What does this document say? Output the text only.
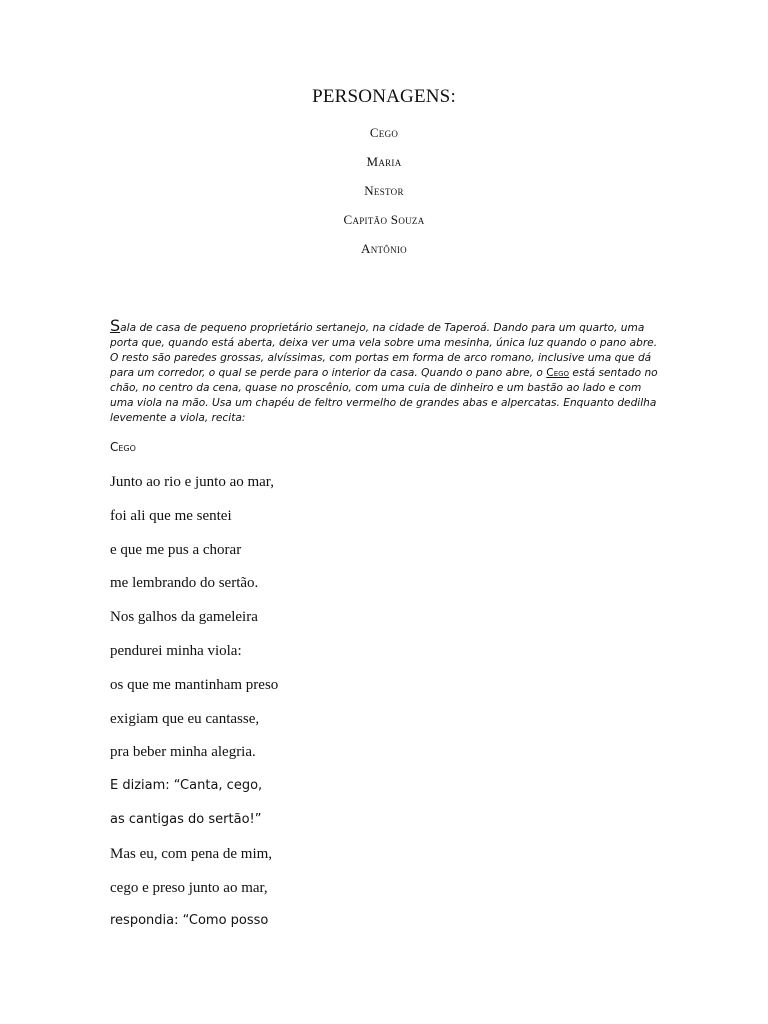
PERSONAGENS:
Cego
Maria
Nestor
Capitão Souza
Antônio

Sala de casa de pequeno proprietário sertanejo, na cidade de Taperoá. Dando para um quarto, uma porta que, quando está aberta, deixa ver uma vela sobre uma mesinha, única luz quando o pano abre. O resto são paredes grossas, alvíssimas, com portas em forma de arco romano, inclusive uma que dá para um corredor, o qual se perde para o interior da casa. Quando o pano abre, o Cego está sentado no chão, no centro da cena, quase no proscênio, com uma cuia de dinheiro e um bastão ao lado e com uma viola na mão. Usa um chapéu de feltro vermelho de grandes abas e alpercatas. Enquanto dedilha levemente a viola, recita:

Cego
Junto ao rio e junto ao mar,
foi ali que me sentei
e que me pus a chorar
me lembrando do sertão.
Nos galhos da gameleira
pendurei minha viola:
os que me mantinham preso
exigiam que eu cantasse,
pra beber minha alegria.
E diziam: “Canta, cego,
as cantigas do sertão!”
Mas eu, com pena de mim,
cego e preso junto ao mar,
respondia: “Como posso
